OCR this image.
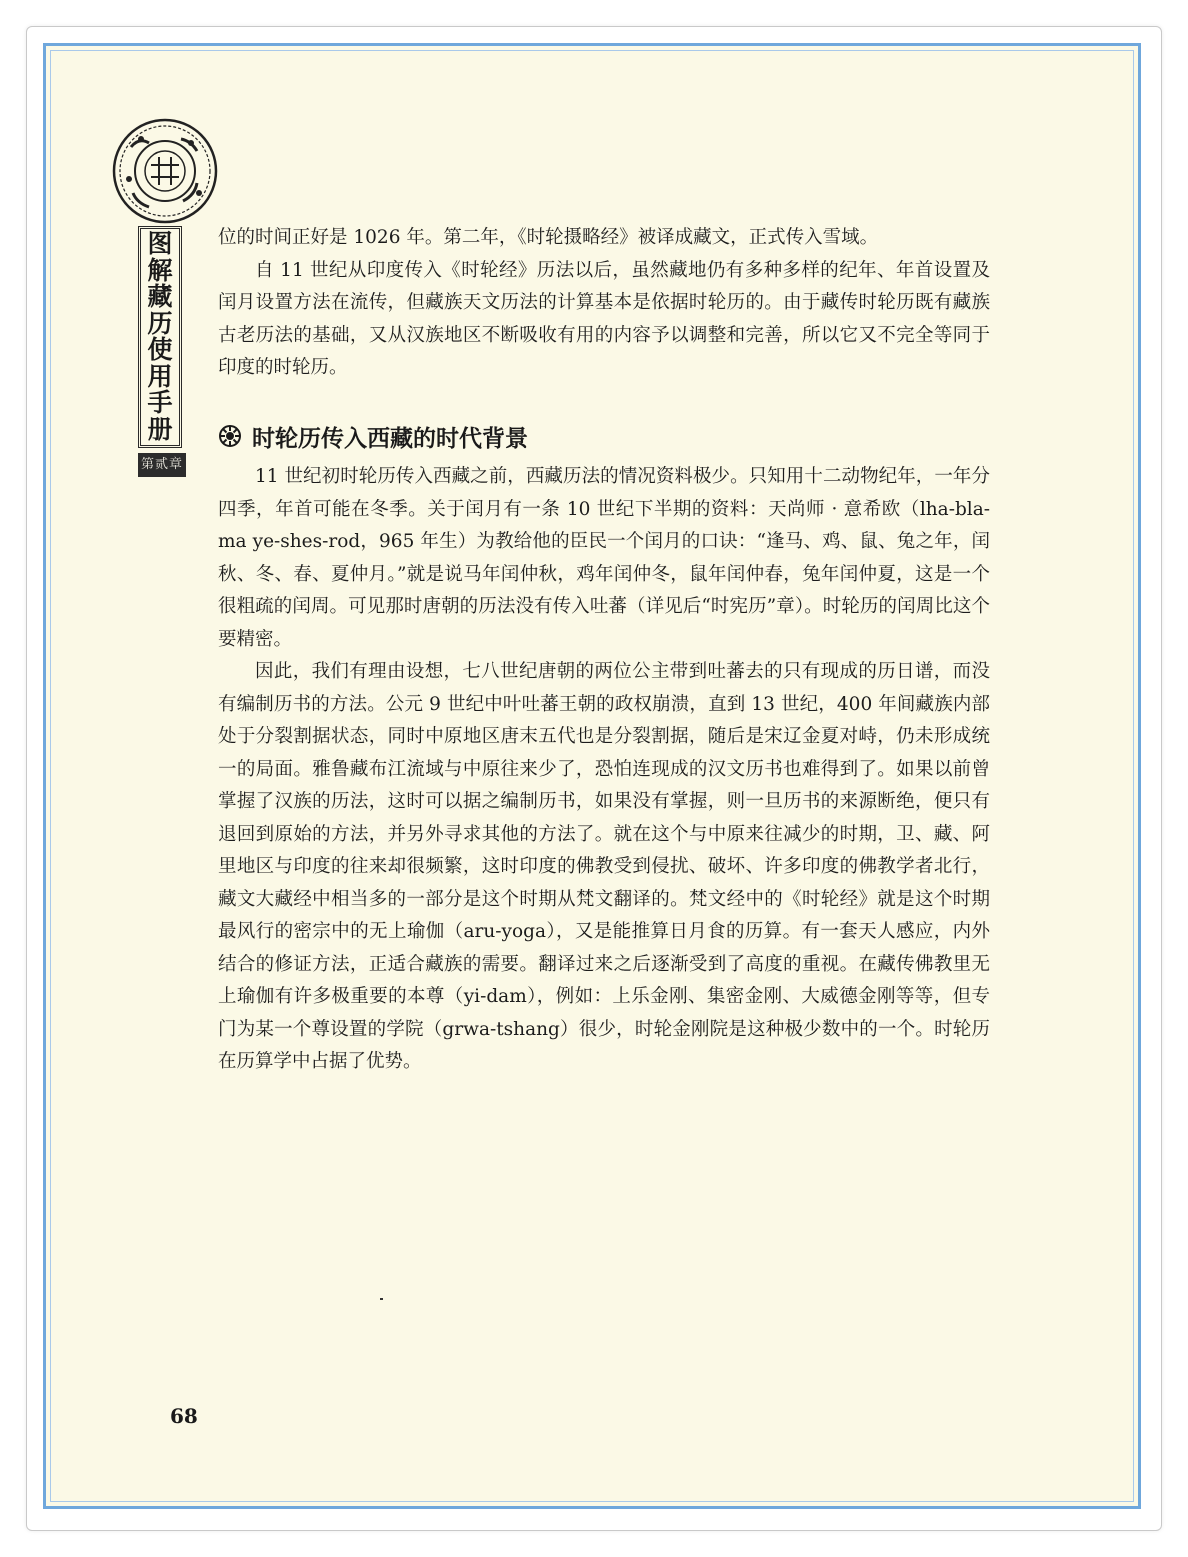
图
解
藏
历
使
用
手
册
第贰章

位的时间正好是 1026 年。第二年，《时轮摄略经》被译成藏文，正式传入雪域。

自 11 世纪从印度传入《时轮经》历法以后，虽然藏地仍有多种多样的纪年、年首设置及闰月设置方法在流传，但藏族天文历法的计算基本是依据时轮历的。由于藏传时轮历既有藏族古老历法的基础，又从汉族地区不断吸收有用的内容予以调整和完善，所以它又不完全等同于印度的时轮历。

时轮历传入西藏的时代背景

11 世纪初时轮历传入西藏之前，西藏历法的情况资料极少。只知用十二动物纪年，一年分四季，年首可能在冬季。关于闰月有一条 10 世纪下半期的资料：天尚师 · 意希欧（lha-bla-ma ye-shes-rod，965 年生）为教给他的臣民一个闰月的口诀：“逢马、鸡、鼠、兔之年，闰秋、冬、春、夏仲月。”就是说马年闰仲秋，鸡年闰仲冬，鼠年闰仲春，兔年闰仲夏，这是一个很粗疏的闰周。可见那时唐朝的历法没有传入吐蕃（详见后“时宪历”章）。时轮历的闰周比这个要精密。

因此，我们有理由设想，七八世纪唐朝的两位公主带到吐蕃去的只有现成的历日谱，而没有编制历书的方法。公元 9 世纪中叶吐蕃王朝的政权崩溃，直到 13 世纪，400 年间藏族内部处于分裂割据状态，同时中原地区唐末五代也是分裂割据，随后是宋辽金夏对峙，仍未形成统一的局面。雅鲁藏布江流域与中原往来少了，恐怕连现成的汉文历书也难得到了。如果以前曾掌握了汉族的历法，这时可以据之编制历书，如果没有掌握，则一旦历书的来源断绝，便只有退回到原始的方法，并另外寻求其他的方法了。就在这个与中原来往减少的时期，卫、藏、阿里地区与印度的往来却很频繁，这时印度的佛教受到侵扰、破坏、许多印度的佛教学者北行，藏文大藏经中相当多的一部分是这个时期从梵文翻译的。梵文经中的《时轮经》就是这个时期最风行的密宗中的无上瑜伽（aru-yoga），又是能推算日月食的历算。有一套天人感应，内外结合的修证方法，正适合藏族的需要。翻译过来之后逐渐受到了高度的重视。在藏传佛教里无上瑜伽有许多极重要的本尊（yi-dam），例如：上乐金刚、集密金刚、大威德金刚等等，但专门为某一个尊设置的学院（grwa-tshang）很少，时轮金刚院是这种极少数中的一个。时轮历在历算学中占据了优势。

68
